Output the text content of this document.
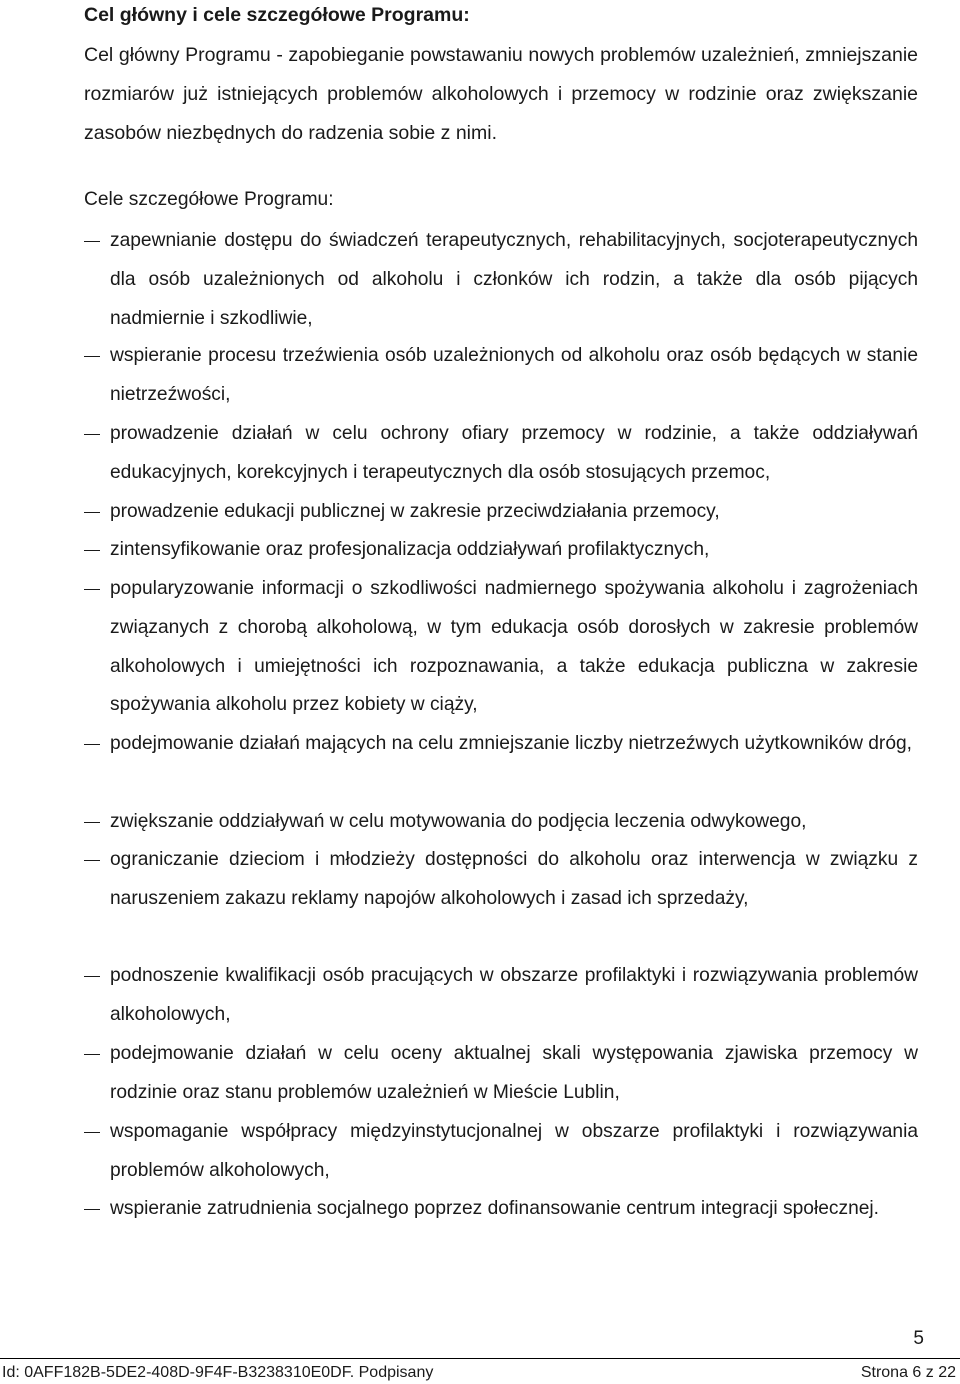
Cel główny i cele szczegółowe Programu:
Cel główny Programu - zapobieganie powstawaniu nowych problemów uzależnień, zmniejszanie rozmiarów już istniejących problemów alkoholowych i przemocy w rodzinie oraz zwiększanie zasobów niezbędnych do radzenia sobie z nimi.
Cele szczegółowe Programu:
zapewnianie dostępu do świadczeń terapeutycznych, rehabilitacyjnych, socjoterapeutycznych dla osób uzależnionych od alkoholu i członków ich rodzin, a także dla osób pijących nadmiernie i szkodliwie,
wspieranie procesu trzeźwienia osób uzależnionych od alkoholu oraz osób będących w stanie nietrzeźwości,
prowadzenie działań w celu ochrony ofiary przemocy w rodzinie, a także oddziaływań edukacyjnych, korekcyjnych i terapeutycznych dla osób stosujących przemoc,
prowadzenie edukacji publicznej w zakresie przeciwdziałania przemocy,
zintensyfikowanie oraz profesjonalizacja oddziaływań profilaktycznych,
popularyzowanie informacji o szkodliwości nadmiernego spożywania alkoholu i zagrożeniach związanych z chorobą alkoholową, w tym edukacja osób dorosłych w zakresie problemów alkoholowych i umiejętności ich rozpoznawania, a także edukacja publiczna w zakresie spożywania alkoholu przez kobiety w ciąży,
podejmowanie działań mających na celu zmniejszanie liczby nietrzeźwych użytkowników dróg,
zwiększanie oddziaływań w celu motywowania do podjęcia leczenia odwykowego,
ograniczanie dzieciom i młodzieży dostępności do alkoholu oraz interwencja w związku z naruszeniem zakazu reklamy napojów alkoholowych i zasad ich sprzedaży,
podnoszenie kwalifikacji osób pracujących w obszarze profilaktyki i rozwiązywania problemów alkoholowych,
podejmowanie działań w celu oceny aktualnej skali występowania zjawiska przemocy w rodzinie oraz stanu problemów uzależnień w Mieście Lublin,
wspomaganie współpracy międzyinstytucjonalnej w obszarze profilaktyki i rozwiązywania problemów alkoholowych,
wspieranie zatrudnienia socjalnego poprzez dofinansowanie centrum integracji społecznej.
5
Id: 0AFF182B-5DE2-408D-9F4F-B3238310E0DF. Podpisany	Strona 6 z 22
